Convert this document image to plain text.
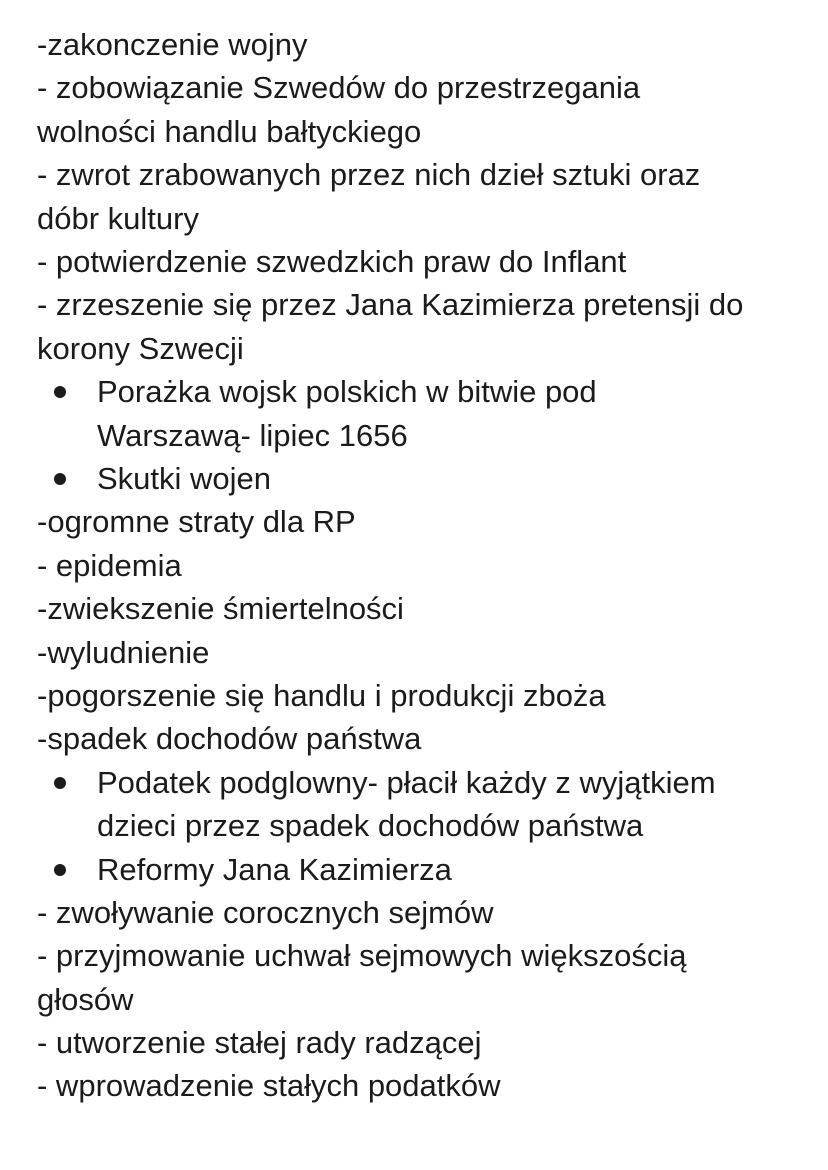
-zakonczenie wojny
- zobowiązanie Szwedów do przestrzegania
wolności handlu bałtyckiego
- zwrot zrabowanych przez nich dzieł sztuki oraz
dóbr kultury
- potwierdzenie szwedzkich praw do Inflant
- zrzeszenie się przez Jana Kazimierza pretensji do
korony Szwecji
Porażka wojsk polskich w bitwie pod
Warszawą- lipiec 1656
Skutki wojen
-ogromne straty dla RP
- epidemia
-zwiekszenie śmiertelności
-wyludnienie
-pogorszenie się handlu i produkcji zboża
-spadek dochodów państwa
Podatek podglowny- płacił każdy z wyjątkiem
dzieci przez spadek dochodów państwa
Reformy Jana Kazimierza
- zwoływanie corocznych sejmów
- przyjmowanie uchwał sejmowych większością
głosów
- utworzenie stałej rady radzącej
- wprowadzenie stałych podatków
